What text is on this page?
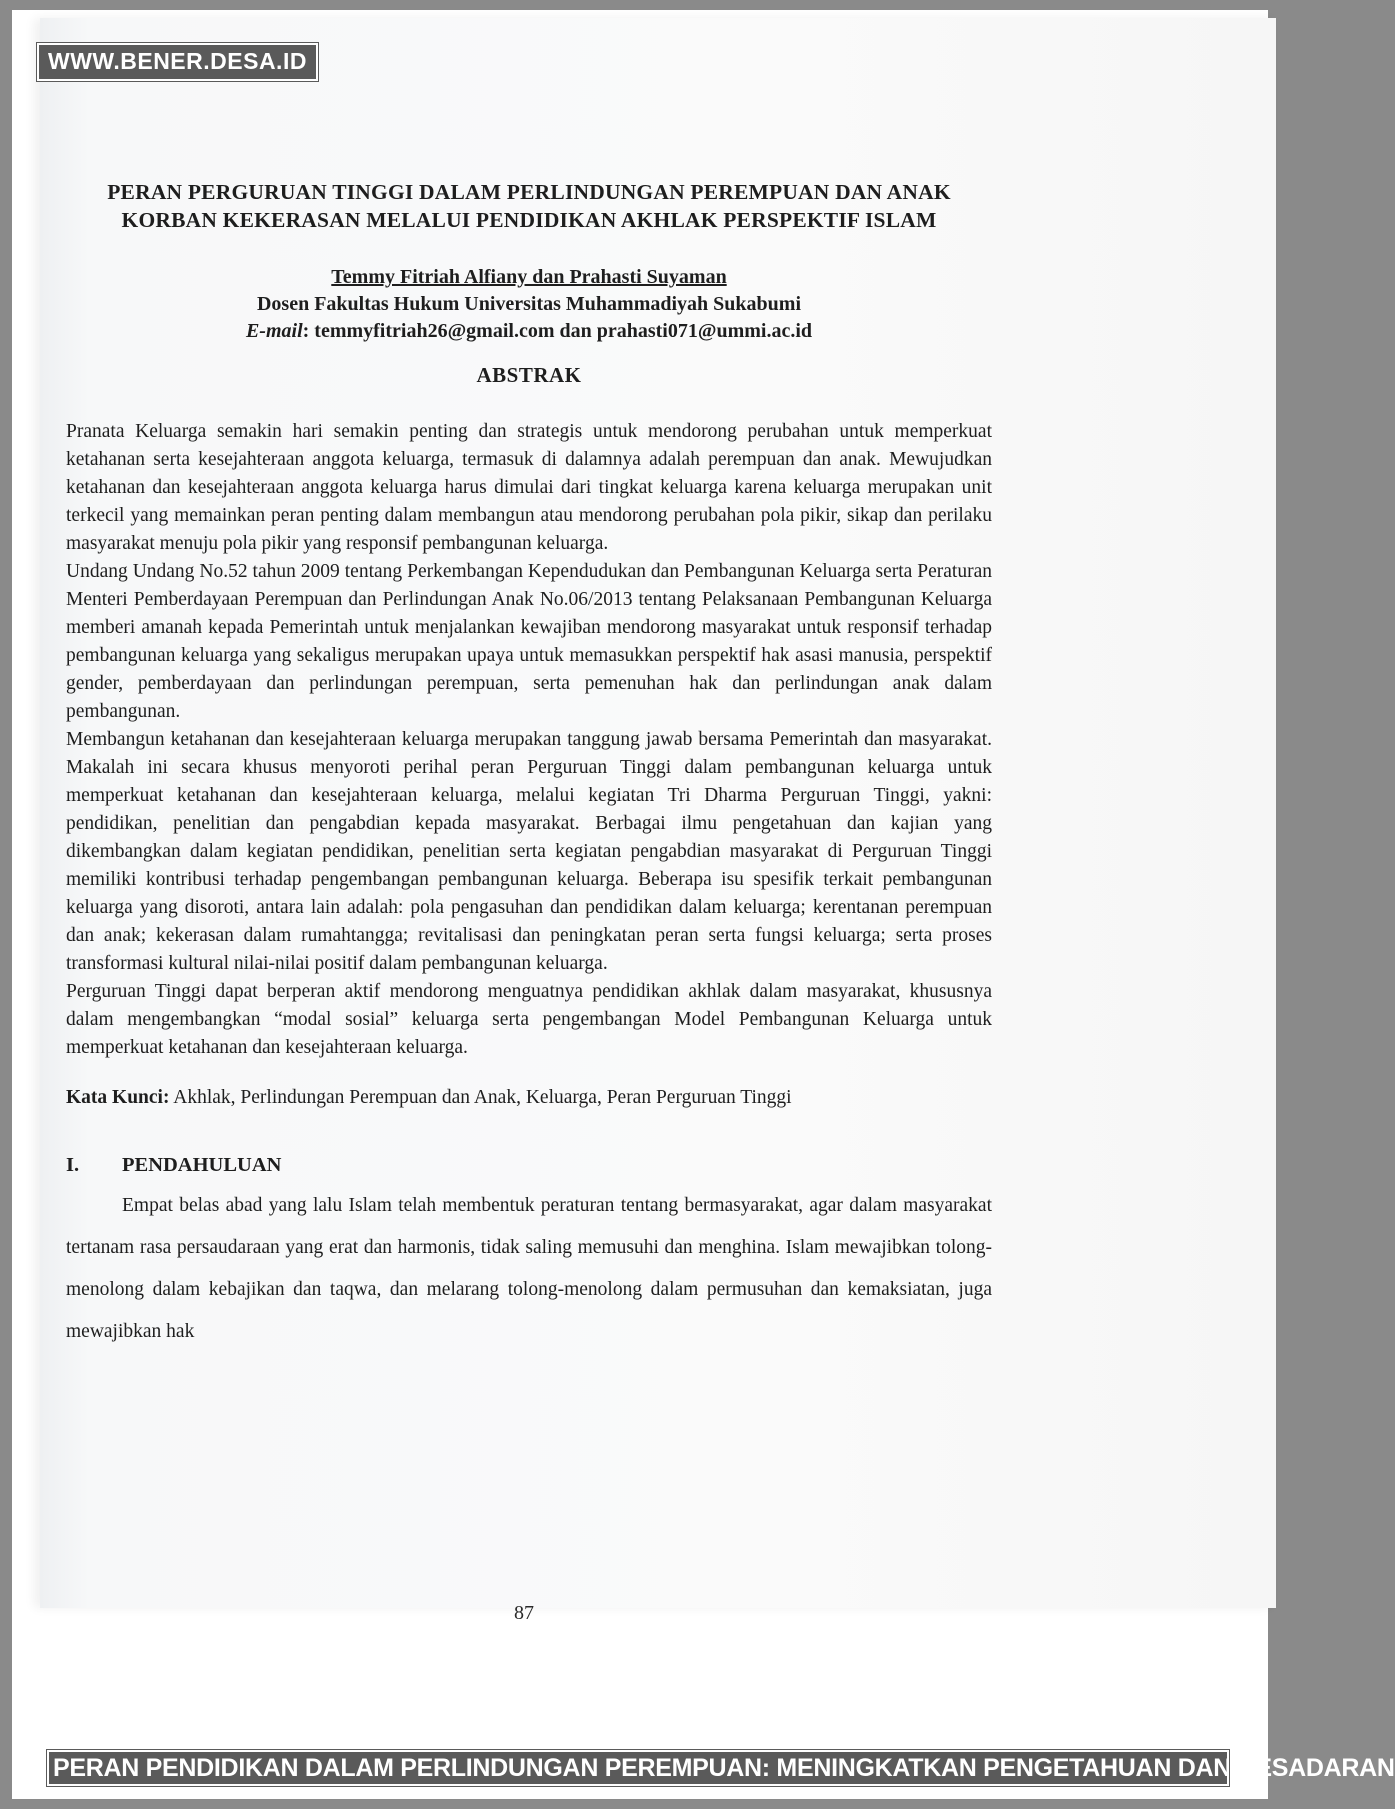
WWW.BENER.DESA.ID
PERAN PERGURUAN TINGGI DALAM PERLINDUNGAN PEREMPUAN DAN ANAK KORBAN KEKERASAN MELALUI PENDIDIKAN AKHLAK PERSPEKTIF ISLAM
Temmy Fitriah Alfiany dan Prahasti Suyaman
Dosen Fakultas Hukum Universitas Muhammadiyah Sukabumi
E-mail: temmyfitriah26@gmail.com dan prahasti071@ummi.ac.id
ABSTRAK

Pranata Keluarga semakin hari semakin penting dan strategis untuk mendorong perubahan untuk memperkuat ketahanan serta kesejahteraan anggota keluarga, termasuk di dalamnya adalah perempuan dan anak. Mewujudkan ketahanan dan kesejahteraan anggota keluarga harus dimulai dari tingkat keluarga karena keluarga merupakan unit terkecil yang memainkan peran penting dalam membangun atau mendorong perubahan pola pikir, sikap dan perilaku masyarakat menuju pola pikir yang responsif pembangunan keluarga.

Undang Undang No.52 tahun 2009 tentang Perkembangan Kependudukan dan Pembangunan Keluarga serta Peraturan Menteri Pemberdayaan Perempuan dan Perlindungan Anak No.06/2013 tentang Pelaksanaan Pembangunan Keluarga memberi amanah kepada Pemerintah untuk menjalankan kewajiban mendorong masyarakat untuk responsif terhadap pembangunan keluarga yang sekaligus merupakan upaya untuk memasukkan perspektif hak asasi manusia, perspektif gender, pemberdayaan dan perlindungan perempuan, serta pemenuhan hak dan perlindungan anak dalam pembangunan.

Membangun ketahanan dan kesejahteraan keluarga merupakan tanggung jawab bersama Pemerintah dan masyarakat. Makalah ini secara khusus menyoroti perihal peran Perguruan Tinggi dalam pembangunan keluarga untuk memperkuat ketahanan dan kesejahteraan keluarga, melalui kegiatan Tri Dharma Perguruan Tinggi, yakni: pendidikan, penelitian dan pengabdian kepada masyarakat. Berbagai ilmu pengetahuan dan kajian yang dikembangkan dalam kegiatan pendidikan, penelitian serta kegiatan pengabdian masyarakat di Perguruan Tinggi memiliki kontribusi terhadap pengembangan pembangunan keluarga. Beberapa isu spesifik terkait pembangunan keluarga yang disoroti, antara lain adalah: pola pengasuhan dan pendidikan dalam keluarga; kerentanan perempuan dan anak; kekerasan dalam rumahtangga; revitalisasi dan peningkatan peran serta fungsi keluarga; serta proses transformasi kultural nilai-nilai positif dalam pembangunan keluarga.

Perguruan Tinggi dapat berperan aktif mendorong menguatnya pendidikan akhlak dalam masyarakat, khususnya dalam mengembangkan “modal sosial” keluarga serta pengembangan Model Pembangunan Keluarga untuk memperkuat ketahanan dan kesejahteraan keluarga.

Kata Kunci: Akhlak, Perlindungan Perempuan dan Anak, Keluarga, Peran Perguruan Tinggi
I.	PENDAHULUAN

Empat belas abad yang lalu Islam telah membentuk peraturan tentang bermasyarakat, agar dalam masyarakat tertanam rasa persaudaraan yang erat dan harmonis, tidak saling memusuhi dan menghina. Islam mewajibkan tolong-menolong dalam kebajikan dan taqwa, dan melarang tolong-menolong dalam permusuhan dan kemaksiatan, juga mewajibkan hak

87
PERAN PENDIDIKAN DALAM PERLINDUNGAN PEREMPUAN: MENINGKATKAN PENGETAHUAN DAN KESADARAN
